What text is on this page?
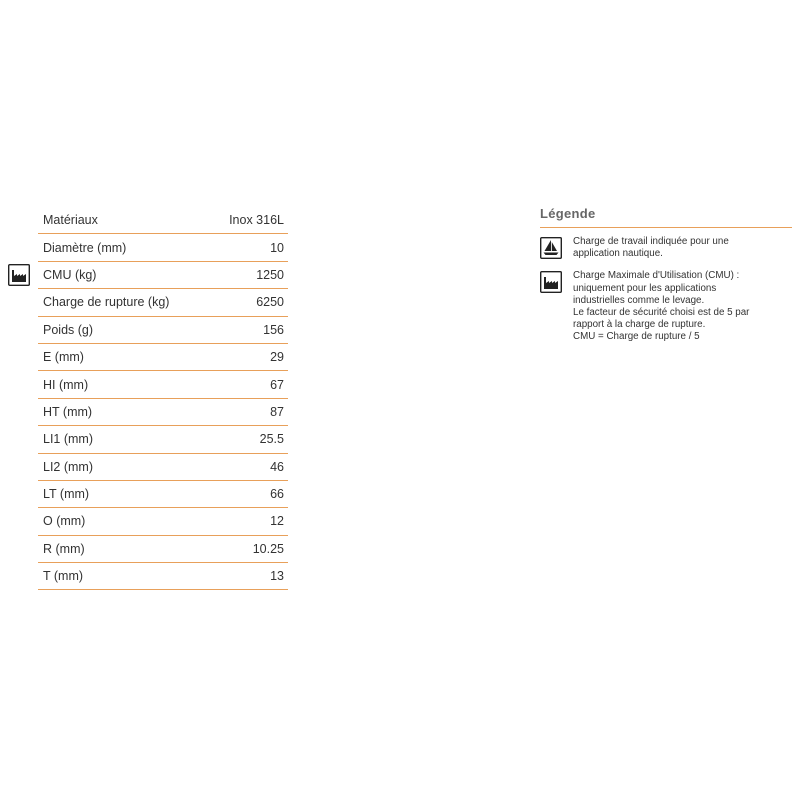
Matériaux	Inox 316L
Diamètre (mm)	10
CMU (kg)	1250
Charge de rupture (kg)	6250
Poids (g)	156
E (mm)	29
HI (mm)	67
HT (mm)	87
LI1 (mm)	25.5
LI2 (mm)	46
LT (mm)	66
O (mm)	12
R (mm)	10.25
T (mm)	13
Légende
Charge de travail indiquée pour une
application nautique.
Charge Maximale d'Utilisation (CMU) :
uniquement pour les applications
industrielles comme le levage.
Le facteur de sécurité choisi est de 5 par
rapport à la charge de rupture.
CMU = Charge de rupture / 5
